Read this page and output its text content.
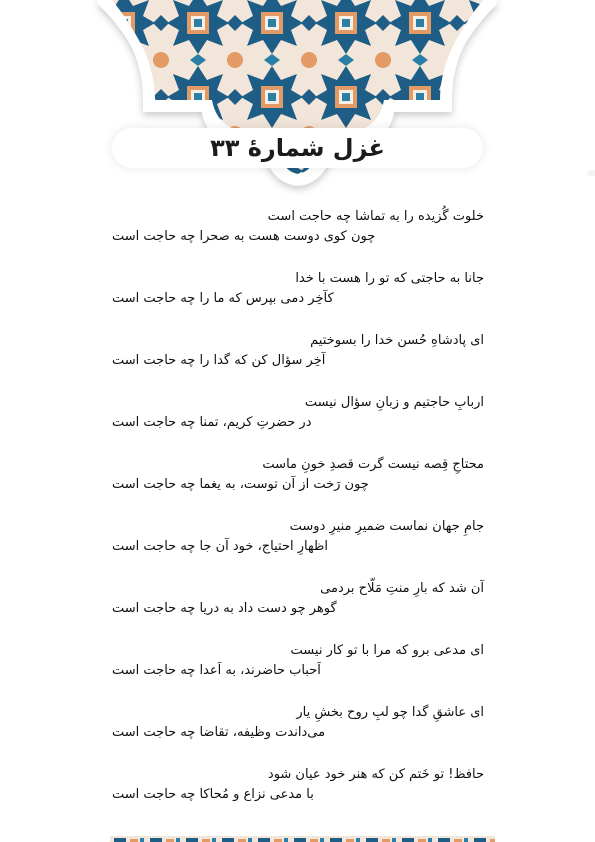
غزل شمارهٔ ۳۳
خلوت گُزیده را به تماشا چه حاجت است
چون کوی دوست هست به صحرا چه حاجت است
جانا به حاجتی که تو را هست با خدا
کآخِر دمی بپرس که ما را چه حاجت است
ای پادشاهِ حُسن خدا را بسوختیم
آخِر سؤال کن که گدا را چه حاجت است
اربابِ حاجتیم و زبانِ سؤال نیست
در حضرتِ کریم، تمنا چه حاجت است
محتاجِ قِصه نیست گرت قصدِ خونِ ماست
چون رَخت از آن توست، به یغما چه حاجت است
جامِ جهان نماست ضمیرِ منیرِ دوست
اظهارِ احتیاج، خود آن جا چه حاجت است
آن شد که بارِ منتِ مَلّاح بردمی
گوهر چو دست داد به دریا چه حاجت است
ای مدعی برو که مرا با تو کار نیست
اَحباب حاضرند، به اَعدا چه حاجت است
ای عاشقِ گدا چو لبِ روح بخشِ یار
می‌داندت وظیفه، تقاضا چه حاجت است
حافظ! تو خَتم کن که هنر خود عیان شود
با مدعی نزاع و مُحاکا چه حاجت است
